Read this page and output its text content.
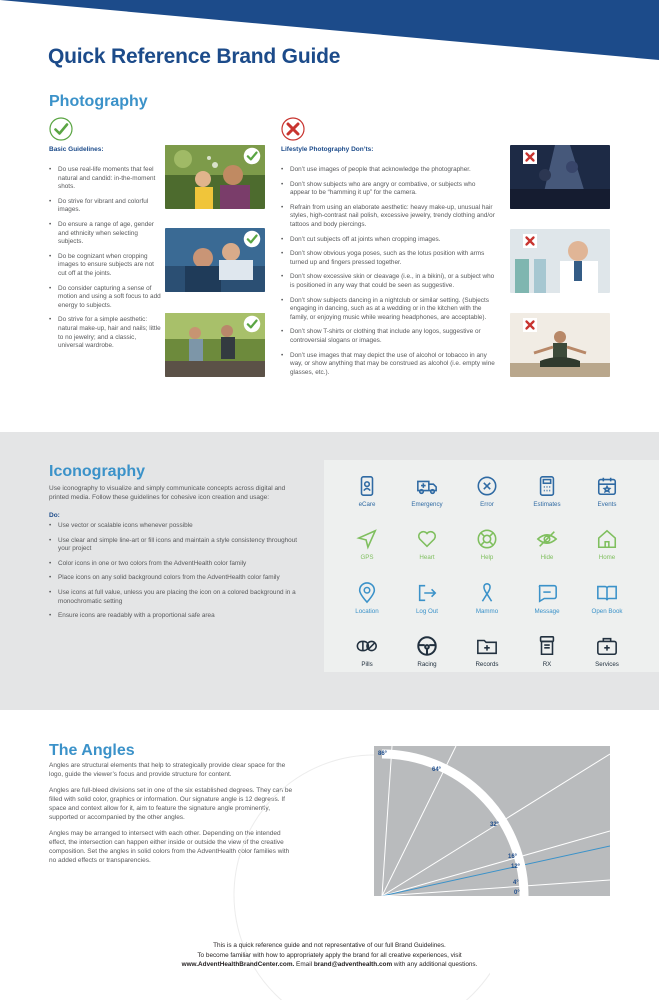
Quick Reference Brand Guide
Photography
Basic Guidelines:
• Do use real-life moments that feel natural and candid: in-the-moment shots.
• Do strive for vibrant and colorful images.
• Do ensure a range of age, gender and ethnicity when selecting subjects.
• Do be cognizant when cropping images to ensure subjects are not cut off at the joints.
• Do consider capturing a sense of motion and using a soft focus to add energy to subjects.
• Do strive for a simple aesthetic: natural make-up, hair and nails; little to no jewelry; and a classic, universal wardrobe.
Lifestyle Photography Don’ts:
• Don’t use images of people that acknowledge the photographer.
• Don’t show subjects who are angry or combative, or subjects who appear to be “hamming it up” for the camera.
• Refrain from using an elaborate aesthetic: heavy make-up, unusual hair styles, high-contrast nail polish, excessive jewelry, trendy clothing and/or tattoos and body piercings.
• Don’t cut subjects off at joints when cropping images.
• Don’t show obvious yoga poses, such as the lotus position with arms turned up and fingers pressed together.
• Don’t show excessive skin or cleavage (i.e., in a bikini), or a subject who is positioned in any way that could be seen as suggestive.
• Don’t show subjects dancing in a nightclub or similar setting. (Subjects engaging in dancing, such as at a wedding or in the kitchen with the family, or enjoying music while wearing headphones, are acceptable).
• Don’t show T-shirts or clothing that include any logos, suggestive or controversial slogans or images.
• Don’t use images that may depict the use of alcohol or tobacco in any way, or show anything that may be construed as alcohol (i.e. empty wine glasses, etc.).
Iconography
Use iconography to visualize and simply communicate concepts across digital and printed media. Follow these guidelines for cohesive icon creation and usage:
Do:
• Use vector or scalable icons whenever possible
• Use clear and simple line-art or fill icons and maintain a style consistency throughout your project
• Color icons in one or two colors from the AdventHealth color family
• Place icons on any solid background colors from the AdventHealth color family
• Use icons at full value, unless you are placing the icon on a colored background in a monochromatic setting
• Ensure icons are readably with a proportional safe area
eCare	Emergency	Error	Estimates	Events
GPS	Heart	Help	Hide	Home
Location	Log Out	Mammo	Message	Open Book
Pills	Racing	Records	RX	Services
The Angles

Angles are structural elements that help to strategically provide clear space for the logo, guide the viewer’s focus and provide structure for content.

Angles are full-bleed divisions set in one of the six established degrees. They can be filled with solid color, graphics or information. Our signature angle is 12 degrees. If space and context allow for it, aim to feature the signature angle prominently, supported or accompanied by the other angles.

Angles may be arranged to intersect with each other. Depending on the intended effect, the intersection can happen either inside or outside the view of the creative composition. Set the angles in solid colors from the AdventHealth color families with no added effects or transparencies.

86°
64°
32°
16°
12°
4°
0°
This is a quick reference guide and not representative of our full Brand Guidelines.
To become familiar with how to appropriately apply the brand for all creative experiences, visit
www.AdventHealthBrandCenter.com. Email brand@adventhealth.com with any additional questions.
